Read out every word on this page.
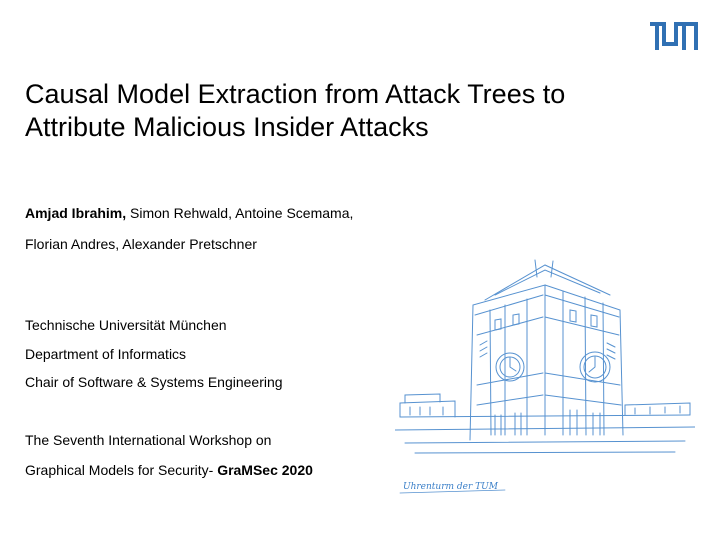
Causal Model Extraction from Attack Trees to
Attribute Malicious Insider Attacks
Amjad Ibrahim, Simon Rehwald, Antoine Scemama,
Florian Andres, Alexander Pretschner
Technische Universität München
Department of Informatics
Chair of Software & Systems Engineering
The Seventh International Workshop on
Graphical Models for Security- GraMSec 2020
Uhrenturm der TUM
